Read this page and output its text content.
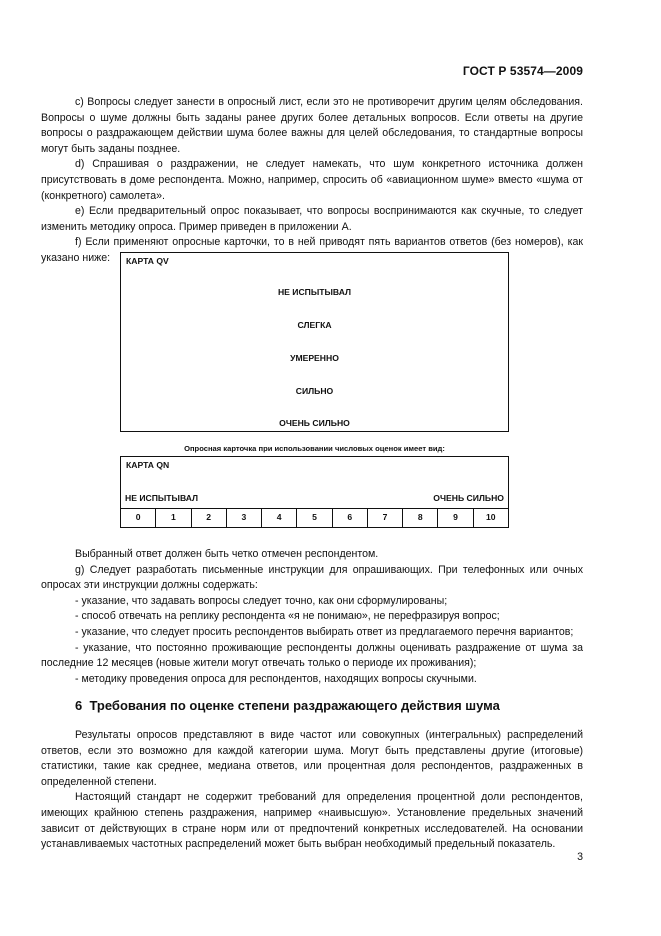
ГОСТ Р 53574—2009

c) Вопросы следует занести в опросный лист, если это не противоречит другим целям обследования. Вопросы о шуме должны быть заданы ранее других более детальных вопросов. Если ответы на другие вопросы о раздражающем действии шума более важны для целей обследования, то стандартные вопросы могут быть заданы позднее.

d) Спрашивая о раздражении, не следует намекать, что шум конкретного источника должен присутствовать в доме респондента. Можно, например, спросить об «авиационном шуме» вместо «шума от (конкретного) самолета».

e) Если предварительный опрос показывает, что вопросы воспринимаются как скучные, то следует изменить методику опроса. Пример приведен в приложении А.

f) Если применяют опросные карточки, то в ней приводят пять вариантов ответов (без номеров), как указано ниже:	КАРТА QV
НЕ ИСПЫТЫВАЛ
СЛЕГКА
УМЕРЕННО
СИЛЬНО
ОЧЕНЬ СИЛЬНО
Опросная карточка при использовании числовых оценок имеет вид:
КАРТА QN
НЕ ИСПЫТЫВАЛ	ОЧЕНЬ СИЛЬНО
0	1	2	3	4	5	6	7	8	9	10

Выбранный ответ должен быть четко отмечен респондентом.

g) Следует разработать письменные инструкции для опрашивающих. При телефонных или очных опросах эти инструкции должны содержать:

- указание, что задавать вопросы следует точно, как они сформулированы;

- способ отвечать на реплику респондента «я не понимаю», не перефразируя вопрос;

- указание, что следует просить респондентов выбирать ответ из предлагаемого перечня вариантов;

- указание, что постоянно проживающие респонденты должны оценивать раздражение от шума за последние 12 месяцев (новые жители могут отвечать только о периоде их проживания);

- методику проведения опроса для респондентов, находящих вопросы скучными.

6 Требования по оценке степени раздражающего действия шума

Результаты опросов представляют в виде частот или совокупных (интегральных) распределений ответов, если это возможно для каждой категории шума. Могут быть представлены другие (итоговые) статистики, такие как среднее, медиана ответов, или процентная доля респондентов, раздраженных в определенной степени.

Настоящий стандарт не содержит требований для определения процентной доли респондентов, имеющих крайнюю степень раздражения, например «наивысшую». Установление предельных значений зависит от действующих в стране норм или от предпочтений конкретных исследователей. На основании устанавливаемых частотных распределений может быть выбран необходимый предельный показатель.

3
